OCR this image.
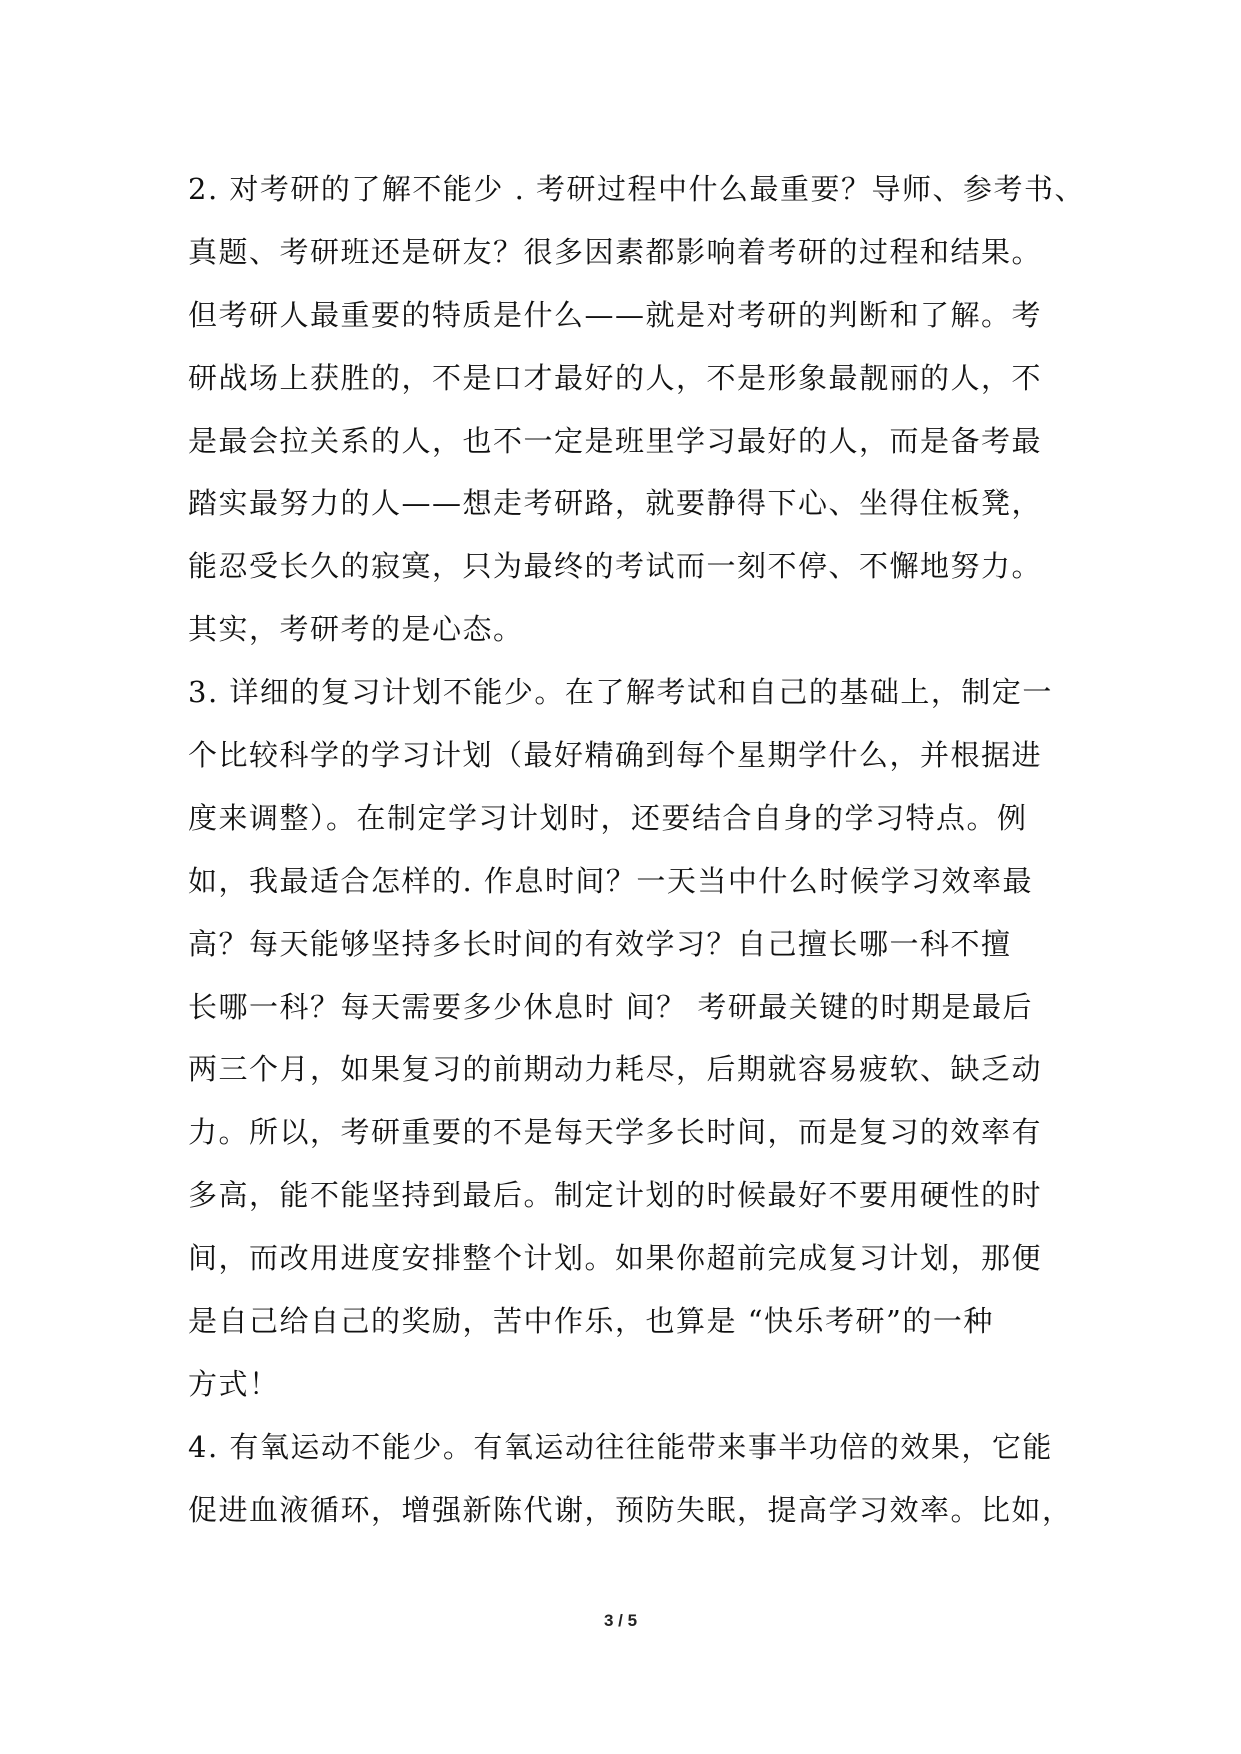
2. 对考研的了解不能少 . 考研过程中什么最重要？导师、参考书、
真题、考研班还是研友？很多因素都影响着考研的过程和结果。
但考研人最重要的特质是什么——就是对考研的判断和了解。考
研战场上获胜的，不是口才最好的人，不是形象最靓丽的人，不
是最会拉关系的人，也不一定是班里学习最好的人，而是备考最
踏实最努力的人——想走考研路，就要静得下心、坐得住板凳，
能忍受长久的寂寞，只为最终的考试而一刻不停、不懈地努力。
其实，考研考的是心态。
3. 详细的复习计划不能少。在了解考试和自己的基础上，制定一
个比较科学的学习计划（最好精确到每个星期学什么，并根据进
度来调整）。在制定学习计划时，还要结合自身的学习特点。例
如，我最适合怎样的. 作息时间？一天当中什么时候学习效率最
高？每天能够坚持多长时间的有效学习？自己擅长哪一科不擅
长哪一科？每天需要多少休息时 间？ 考研最关键的时期是最后
两三个月，如果复习的前期动力耗尽，后期就容易疲软、缺乏动
力。所以，考研重要的不是每天学多长时间，而是复习的效率有
多高，能不能坚持到最后。制定计划的时候最好不要用硬性的时
间，而改用进度安排整个计划。如果你超前完成复习计划，那便
是自己给自己的奖励，苦中作乐，也算是 “快乐考研”的一种
方式！
4. 有氧运动不能少。有氧运动往往能带来事半功倍的效果，它能
促进血液循环，增强新陈代谢，预防失眠，提高学习效率。比如，
3 / 5
